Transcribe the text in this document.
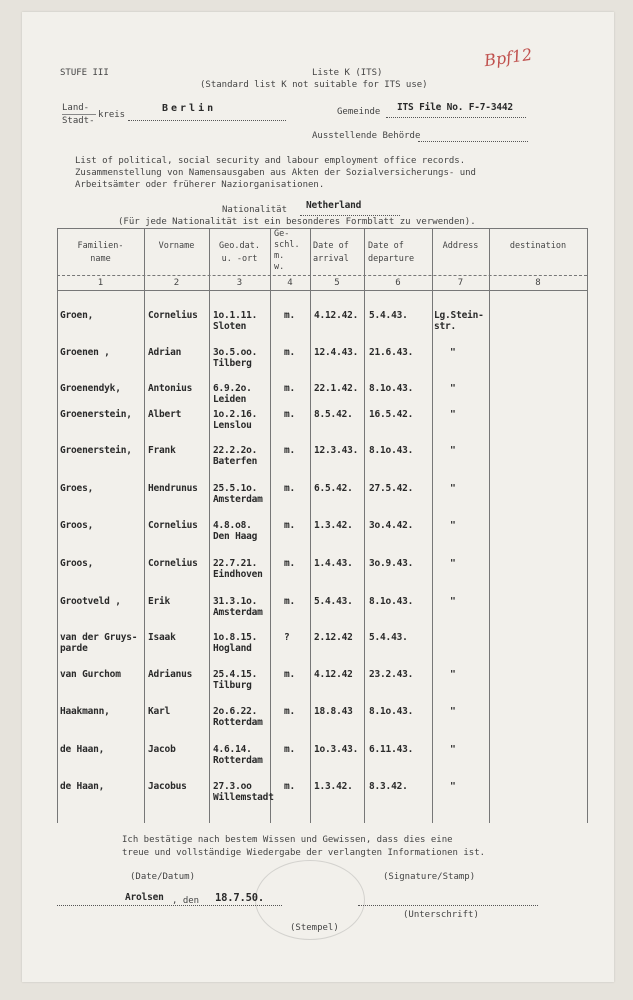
STUFE III	Liste K (ITS)
(Standard list K not suitable for ITS use)
Bpf12
Land-
Stadt-
kreis
Berlin	Gemeinde ITS File No. F-7-3442
Ausstellende Behörde
List of political, social security and labour employment office records.
Zusammenstellung von Namensausgaben aus Akten der Sozialversicherungs- und
Arbeitsämter oder früherer Naziorganisationen.
Nationalität Netherland
(Für jede Nationalität ist ein besonderes Formblatt zu verwenden).
Familien-
name
Vorname	Geo.dat.
u. -ort
Ge-
schl.
m.
w.
Date of
arrival
Date of
departure
Address	destination
1	2	3	4	5	6	7	8
Groen,	Cornelius 1o.1.11.	m. 4.12.42. 5.4.43.	Lg.Stein-
Sloten	str.
Groenen ,	Adrian	3o.5.oo.	m. 12.4.43. 21.6.43.	"
Tilberg
Groenendyk,	Antonius 6.9.2o.	m. 22.1.42. 8.1o.43.	"
Leiden
Groenerstein, Albert	1o.2.16.	m. 8.5.42. 16.5.42.	"
Lenslou
Groenerstein, Frank	22.2.2o.	m. 12.3.43. 8.1o.43.	"
Baterfen
Groes,	Hendrunus 25.5.1o.	m. 6.5.42. 27.5.42.	"
Amsterdam
Groos,	Cornelius 4.8.o8.	m. 1.3.42. 3o.4.42.	"
Den Haag
Groos,	Cornelius 22.7.21.	m. 1.4.43. 3o.9.43.	"
Eindhoven
Grootveld ,	Erik	31.3.1o.	m. 5.4.43. 8.1o.43.	"
Amsterdam
van der Gruys- Isaak	1o.8.15.	?	2.12.42 5.4.43.
Hogland
parde
van Gurchom	Adrianus 25.4.15.	m. 4.12.42 23.2.43.	"
Tilburg
Haakmann,	Karl	2o.6.22.	m. 18.8.43 8.1o.43.	"
Rotterdam
de Haan,	Jacob	4.6.14.	m. 1o.3.43. 6.11.43.	"
Rotterdam
de Haan,	Jacobus	27.3.oo	m. 1.3.42. 8.3.42.	"
Willemstadt
Ich bestätige nach bestem Wissen und Gewissen, dass dies eine
treue und vollständige Wiedergabe der verlangten Informationen ist.
(Date/Datum)	(Signature/Stamp)
Arolsen , den 18.7.50.
(Unterschrift)
(Stempel)
